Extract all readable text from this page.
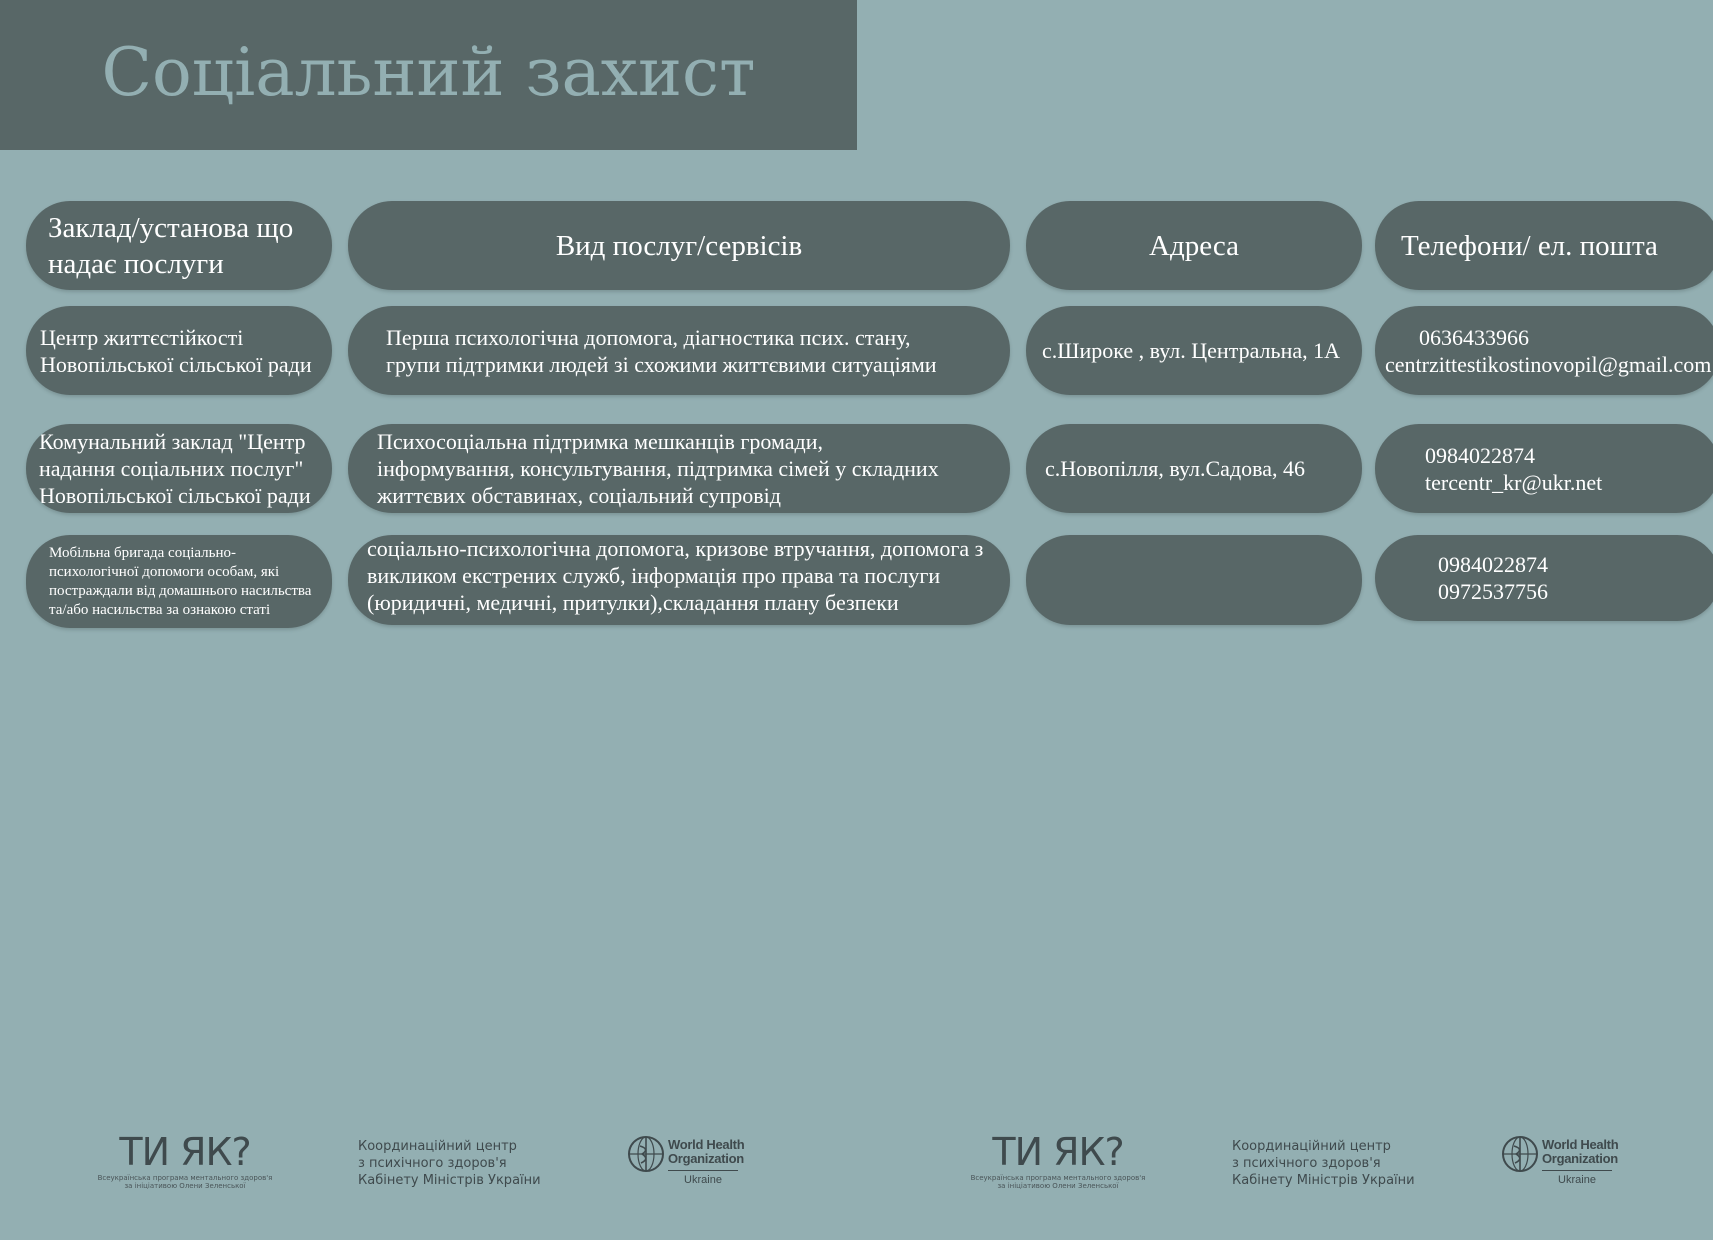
Соціальний захист
Заклад/установа що надає послуги
Вид послуг/сервісів	Адреса	Телефони/ ел. пошта
Центр життєстійкості
Новопільської сільської ради
Перша психологічна допомога, діагностика псих. стану,
групи підтримки людей зі схожими життєвими ситуаціями
с.Широке , вул. Центральна, 1А
0636433966
centrzittestikostinovopil@gmail.com
Комунальний заклад "Центр
надання соціальних послуг"
Новопільської сільської ради
Психосоціальна підтримка мешканців громади,
інформування, консультування, підтримка сімей у складних
життєвих обставинах, соціальний супровід
с.Новопілля, вул.Садова, 46
0984022874
tercentr_kr@ukr.net
Мобільна бригада соціально-
психологічної допомоги особам, які
постраждали від домашнього насильства
та/або насильства за ознакою статі
соціально-психологічна допомога, кризове втручання, допомога з
викликом екстрених служб, інформація про права та послуги
(юридичні, медичні, притулки),складання плану безпеки
0984022874
0972537756
ТИ ЯК?
Всеукраїнська програма ментального здоров'я
за ініціативою Олени Зеленської
Координаційний центр
з психічного здоров'я
Кабінету Міністрів України
World Health
Organization
Ukraine
ТИ ЯК?
Всеукраїнська програма ментального здоров'я
за ініціативою Олени Зеленської
Координаційний центр
з психічного здоров'я
Кабінету Міністрів України
World Health
Organization
Ukraine
